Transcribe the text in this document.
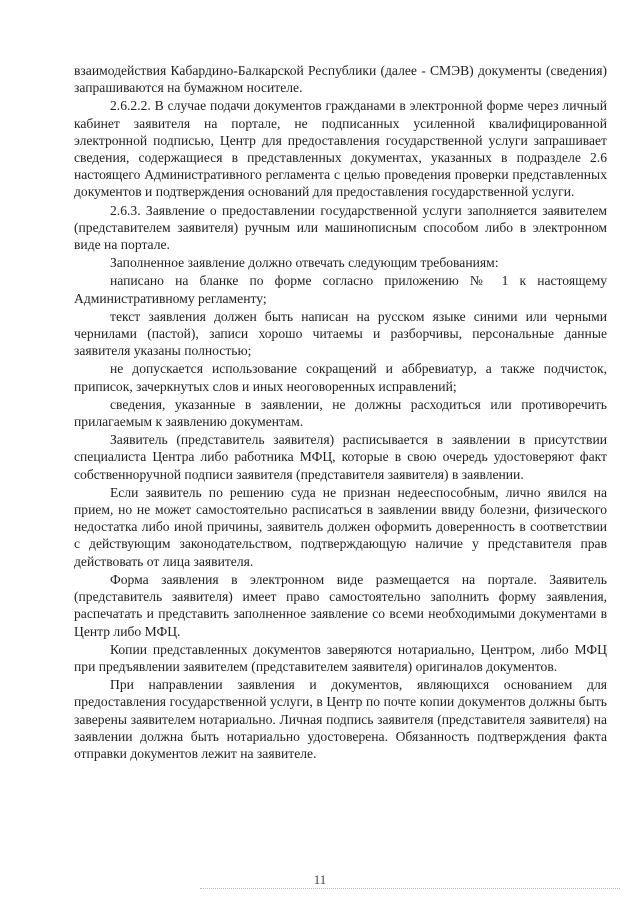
взаимодействия Кабардино-Балкарской Республики (далее - СМЭВ) документы (сведения) запрашиваются на бумажном носителе.

2.6.2.2. В случае подачи документов гражданами в электронной форме через личный кабинет заявителя на портале, не подписанных усиленной квалифицированной электронной подписью, Центр для предоставления государственной услуги запрашивает сведения, содержащиеся в представленных документах, указанных в подразделе 2.6 настоящего Административного регламента с целью проведения проверки представленных документов и подтверждения оснований для предоставления государственной услуги.

2.6.3. Заявление о предоставлении государственной услуги заполняется заявителем (представителем заявителя) ручным или машинописным способом либо в электронном виде на портале.

Заполненное заявление должно отвечать следующим требованиям:

написано на бланке по форме согласно приложению № 1 к настоящему Административному регламенту;

текст заявления должен быть написан на русском языке синими или черными чернилами (пастой), записи хорошо читаемы и разборчивы, персональные данные заявителя указаны полностью;

не допускается использование сокращений и аббревиатур, а также подчисток, приписок, зачеркнутых слов и иных неоговоренных исправлений;

сведения, указанные в заявлении, не должны расходиться или противоречить прилагаемым к заявлению документам.

Заявитель (представитель заявителя) расписывается в заявлении в присутствии специалиста Центра либо работника МФЦ, которые в свою очередь удостоверяют факт собственноручной подписи заявителя (представителя заявителя) в заявлении.

Если заявитель по решению суда не признан недееспособным, лично явился на прием, но не может самостоятельно расписаться в заявлении ввиду болезни, физического недостатка либо иной причины, заявитель должен оформить доверенность в соответствии с действующим законодательством, подтверждающую наличие у представителя прав действовать от лица заявителя.

Форма заявления в электронном виде размещается на портале. Заявитель (представитель заявителя) имеет право самостоятельно заполнить форму заявления, распечатать и представить заполненное заявление со всеми необходимыми документами в Центр либо МФЦ.

Копии представленных документов заверяются нотариально, Центром, либо МФЦ при предъявлении заявителем (представителем заявителя) оригиналов документов.

При направлении заявления и документов, являющихся основанием для предоставления государственной услуги, в Центр по почте копии документов должны быть заверены заявителем нотариально. Личная подпись заявителя (представителя заявителя) на заявлении должна быть нотариально удостоверена. Обязанность подтверждения факта отправки документов лежит на заявителе.

11
